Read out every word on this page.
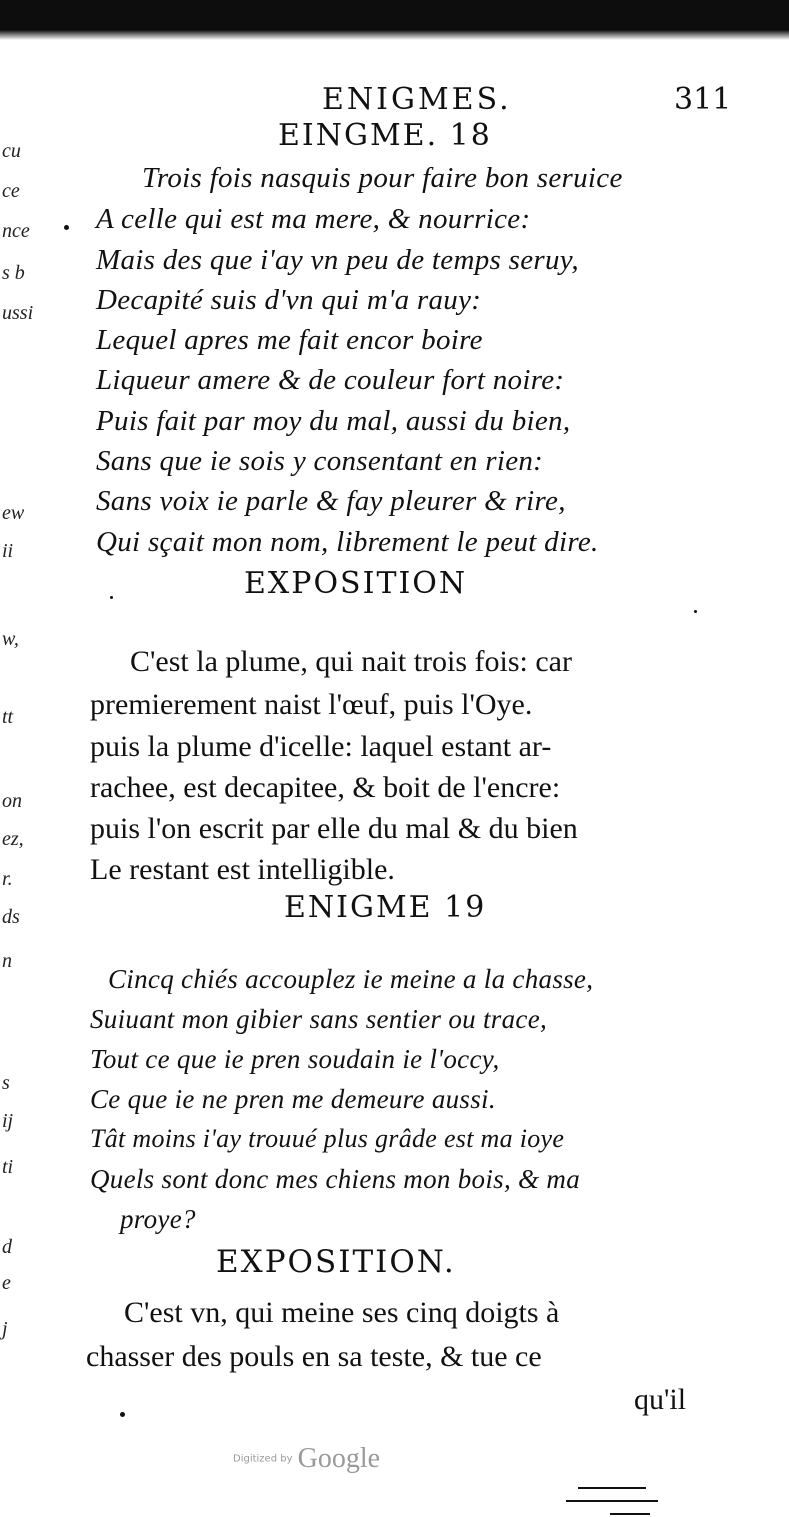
cu
ce
nce
s b
ussi
ew
ii
w,
tt
on
ez,
r.
ds
n
s
ij
ti
d
e
j
ENIGMES.	311
EINGME. 18
Trois fois nasquis pour faire bon seruice
A celle qui est ma mere, & nourrice:
Mais des que i'ay vn peu de temps seruy,
Decapité suis d'vn qui m'a rauy:
Lequel apres me fait encor boire
Liqueur amere & de couleur fort noire:
Puis fait par moy du mal, aussi du bien,
Sans que ie sois y consentant en rien:
Sans voix ie parle & fay pleurer & rire,
Qui sçait mon nom, librement le peut dire.
EXPOSITION
C'est la plume, qui nait trois fois: car
premierement naist l'œuf, puis l'Oye.
puis la plume d'icelle: laquel estant ar-
rachee, est decapitee, & boit de l'encre:
puis l'on escrit par elle du mal & du bien
Le restant est intelligible.
ENIGME 19
Cincq chiés accouplez ie meine a la chasse,
Suiuant mon gibier sans sentier ou trace,
Tout ce que ie pren soudain ie l'occy,
Ce que ie ne pren me demeure aussi.
Tât moins i'ay trouué plus grâde est ma ioye
Quels sont donc mes chiens mon bois, & ma
proye?
EXPOSITION.
C'est vn, qui meine ses cinq doigts à
chasser des pouls en sa teste, & tue ce
qu'il
Digitized by Google
